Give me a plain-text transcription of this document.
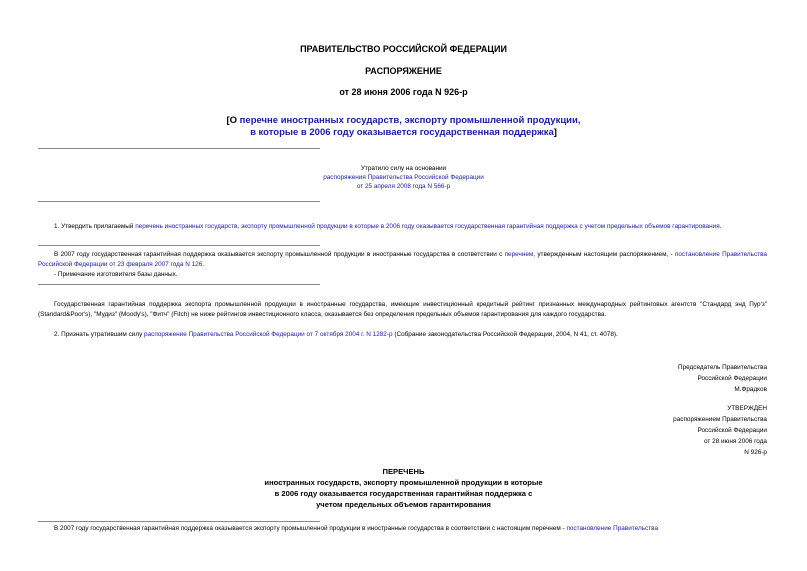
ПРАВИТЕЛЬСТВО РОССИЙСКОЙ ФЕДЕРАЦИИ
РАСПОРЯЖЕНИЕ
от 28 июня 2006 года N 926-р
[О перечне иностранных государств, экспорту промышленной продукции,
в которые в 2006 году оказывается государственная поддержка]
Утратило силу на основании
распоряжения Правительства Российской Федерации
от 25 апреля 2008 года N 566-р
1. Утвердить прилагаемый перечень иностранных государств, экспорту промышленной продукции в которые в 2006 году оказывается государственная гарантийная поддержка с учетом предельных объемов гарантирования.
В 2007 году государственная гарантийная поддержка оказывается экспорту промышленной продукции в иностранные государства в соответствии с перечнем, утвержденным настоящим распоряжением, - постановление Правительства Российской Федерации от 23 февраля 2007 года N 126.
- Примечание изготовителя базы данных.
Государственная гарантийная поддержка экспорта промышленной продукции в иностранные государства, имеющие инвестиционный кредитный рейтинг признанных международных рейтинговых агентств "Стандард энд Пур'з" (Standard&Poor's), "Мудиз" (Moody's), "Фитч" (Fitch) не ниже рейтингов инвестиционного класса, оказывается без определения предельных объемов гарантирования для каждого государства.
2. Признать утратившим силу распоряжение Правительства Российской Федерации от 7 октября 2004 г. N 1282-р (Собрание законодательства Российской Федерации, 2004, N 41, ст. 4078).
Председатель Правительства
Российской Федерации
М.Фрадков
УТВЕРЖДЕН
распоряжением Правительства
Российской Федерации
от 28 июня 2006 года
N 926-р
ПЕРЕЧЕНЬ
иностранных государств, экспорту промышленной продукции в которые
в 2006 году оказывается государственная гарантийная поддержка с
учетом предельных объемов гарантирования
В 2007 году государственная гарантийная поддержка оказывается экспорту промышленной продукции в иностранные государства в соответствии с настоящим перечнем - постановление Правительства
